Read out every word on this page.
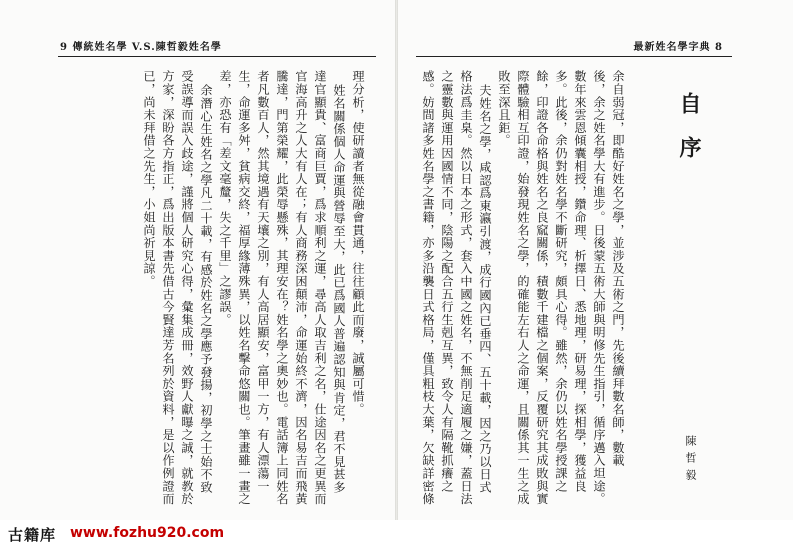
9 傳統姓名學 V.S.陳哲毅姓名學	最新姓名學字典 8
自序
陳哲毅
余自弱冠，即酷好姓名之學，並涉及五術之門，先後續拜數名師，數載
後，余之姓名學大有進步。日後蒙五術大師與明修先生指引，循序邁入坦途。
數年來雲恩傾囊相授，鑽命理、析擇日、悉地理，研易理，探相學，獲益良
多。此後，余仍對姓名學不斷研究，頗具心得。雖然，余仍以姓名學授課之
餘，印證各命格與姓名之良窳關係，積數千建檔之個案，反覆研究其成敗與實
際體驗相互印證，始發現姓名之學，的確能左右人之命運，且關係其一生之成
敗至深且鉅。
夫姓名之學，咸認爲東瀛引渡，成行國內已垂四、五十載，因之乃以日式
格法爲圭臬。然以日本之形式，套入中國之姓名，不無削足適履之嫌，蓋日法
之靈數與運用因國情不同，陰陽之配合五行生剋互異，致令人有隔靴抓癢之
感。妨間諸多姓名學之書籍，亦多沿襲日式格局，僅具粗枝大葉，欠缺詳密條
理分析，使研讀者無從融會貫通，往往顧此而廢，誠屬可惜。
姓名關係個人命運與營辱至大，此已爲國人普遍認知與肯定，君不見甚多
達官顯貴、富商巨賈，爲求順利之運，尋高人取吉利之名，仕途因名之更異而
官海高升之人大有人在；有人商務深困顛沛，命運始終不濟，因名易吉而飛黃
騰達，門第榮耀，此榮辱懸殊，其理安在？姓名學之奧妙也。電話簿上同姓名
者凡數百人，然其境遇有天壤之別，有人高居顯安，富甲一方，有人漂蕩一
生，命運多舛，貧病交終，福厚緣薄殊異，以姓名擊命悠關也。筆畫雖一畫之
差，亦恐有「差文毫釐，失之千里」之謬誤。
余潛心生姓名之學凡二十載，有感於姓名之學應予發揚，初學之士始不致
受誤導而誤入歧途，謹將個人研究心得，彙集成冊，效野人獻曝之誠，就教於
方家，深盼各方指正，爲出版本書先借古今賢達芳名列於資料，是以作例證而
已，尚未拜借之先生，小姐尚祈見諒。
古籍库 www.fozhu920.com
